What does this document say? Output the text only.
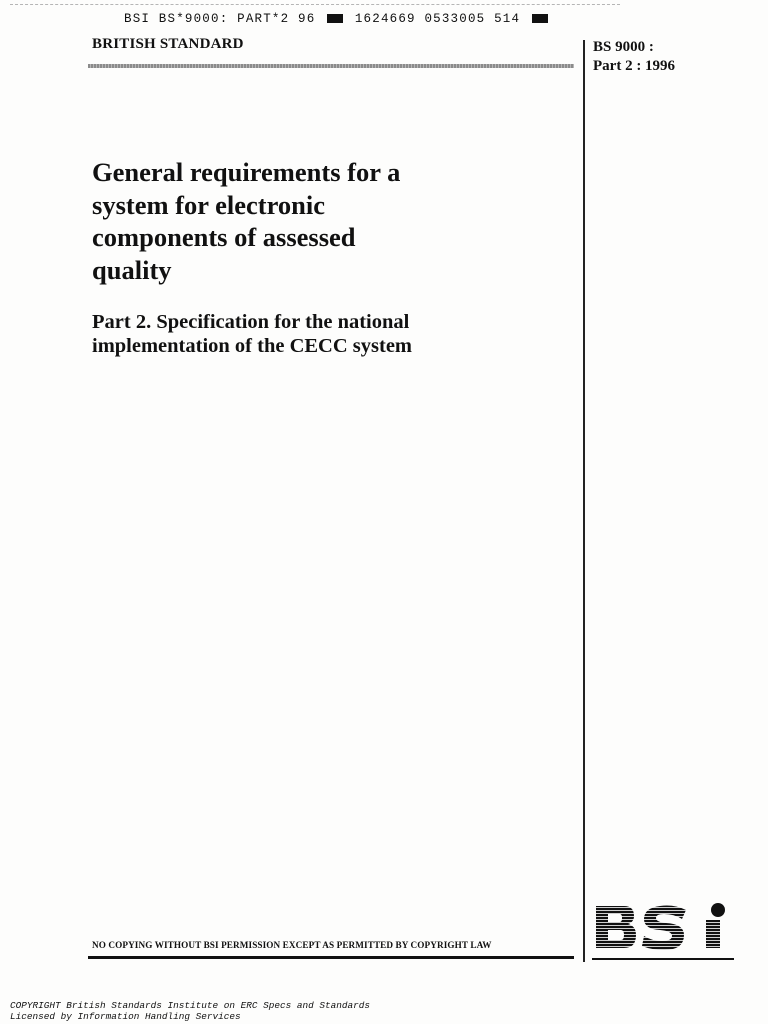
BSI BS*9000: PART*2 96	1624669 0533005 514
BRITISH STANDARD	BS 9000 :
Part 2 : 1996
General requirements for a
system for electronic
components of assessed
quality
Part 2. Specification for the national
implementation of the CECC system
NO COPYING WITHOUT BSI PERMISSION EXCEPT AS PERMITTED BY COPYRIGHT LAW
COPYRIGHT British Standards Institute on ERC Specs and Standards
Licensed by Information Handling Services
